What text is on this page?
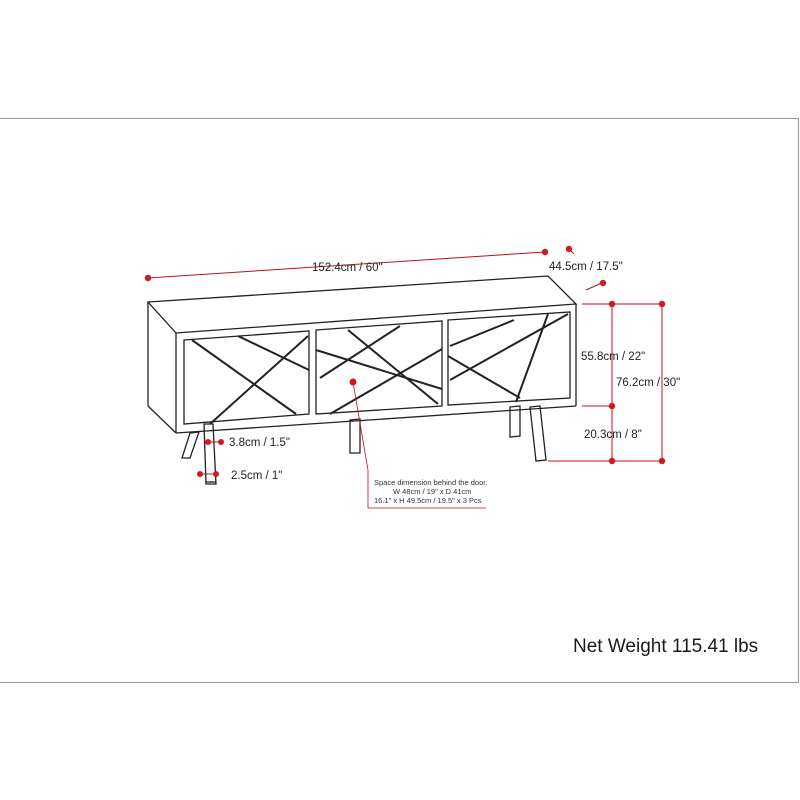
152.4cm / 60"	44.5cm / 17.5"
55.8cm / 22"
76.2cm / 30"
20.3cm / 8"
3.8cm / 1.5"
2.5cm / 1"
Space dimension behind the door.
W 48cm / 19" x D 41cm
16.1" x H 49.5cm / 19.5" x 3 Pcs
Net Weight 115.41 lbs
